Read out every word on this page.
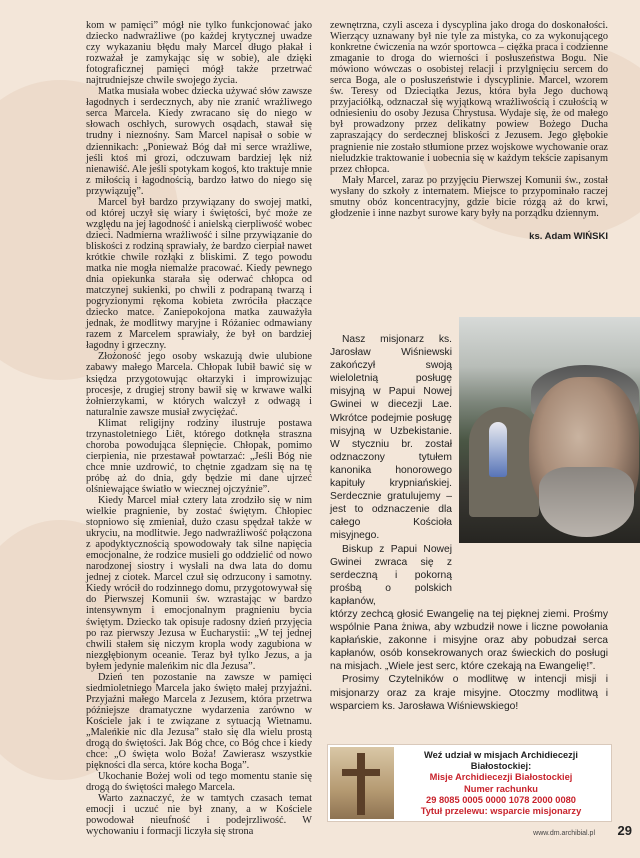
kom w pamięci” mógł nie tylko funkcjonować jako dziecko nadwrażliwe (po każdej krytycznej uwadze czy wykazaniu błędu mały Marcel długo płakał i rozważał je zamykając się w sobie), ale dzięki fotograficznej pamięci mógł także przetrwać najtrudniejsze chwile swojego życia.

Matka musiała wobec dziecka używać słów zawsze łagodnych i serdecznych, aby nie zranić wrażliwego serca Marcela. Kiedy zwracano się do niego w słowach oschłych, surowych osądach, stawał się trudny i nieznośny. Sam Marcel napisał o sobie w dziennikach: „Ponieważ Bóg dał mi serce wrażliwe, jeśli ktoś mi grozi, odczuwam bardziej lęk niż nienawiść. Ale jeśli spotykam kogoś, kto traktuje mnie z miłością i łagodnością, bardzo łatwo do niego się przywiązuję”.

Marcel był bardzo przywiązany do swojej matki, od której uczył się wiary i świętości, być może ze względu na jej łagodność i anielską cierpliwość wobec dzieci. Nadmierna wrażliwość i silne przywiązanie do bliskości z rodziną sprawiały, że bardzo cierpiał nawet krótkie chwile rozłąki z bliskimi. Z tego powodu matka nie mogła niemalże pracować. Kiedy pewnego dnia opiekunka starała się oderwać chłopca od matczynej sukienki, po chwili z podrapaną twarzą i pogryzionymi rękoma kobieta zwróciła płaczące dziecko matce. Zaniepokojona matka zauważyła jednak, że modlitwy maryjne i Różaniec odmawiany razem z Marcelem sprawiały, że był on bardziej łagodny i grzeczny.

Złożoność jego osoby wskazują dwie ulubione zabawy małego Marcela. Chłopak lubił bawić się w księdza przygotowując ołtarzyki i improwizując procesje, z drugiej strony bawił się w krwawe walki żołnierzykami, w których walczył z odwagą i naturalnie zawsze musiał zwyciężać.

Klimat religijny rodziny ilustruje postawa trzynastoletniego Liêt, którego dotknęła straszna choroba powodująca ślepnięcie. Chłopak, pomimo cierpienia, nie przestawał powtarzać: „Jeśli Bóg nie chce mnie uzdrowić, to chętnie zgadzam się na tę próbę aż do dnia, gdy będzie mi dane ujrzeć olśniewające światło w wiecznej ojczyźnie”.

Kiedy Marcel miał cztery lata zrodziło się w nim wielkie pragnienie, by zostać świętym. Chłopiec stopniowo się zmieniał, dużo czasu spędzał także w ukryciu, na modlitwie. Jego nadwrażliwość połączona z apodyktycznością spowodowały tak silne napięcia emocjonalne, że rodzice musieli go oddzielić od nowo narodzonej siostry i wysłali na dwa lata do domu jednej z ciotek. Marcel czuł się odrzucony i samotny. Kiedy wrócił do rodzinnego domu, przygotowywał się do Pierwszej Komunii św. wzrastając w bardzo intensywnym i emocjonalnym pragnieniu bycia świętym. Dziecko tak opisuje radosny dzień przyjęcia po raz pierwszy Jezusa w Eucharystii: „W tej jednej chwili stałem się niczym kropla wody zagubiona w niezgłębionym oceanie. Teraz był tylko Jezus, a ja byłem jedynie maleńkim nic dla Jezusa”.

Dzień ten pozostanie na zawsze w pamięci siedmioletniego Marcela jako święto małej przyjaźni. Przyjaźni małego Marcela z Jezusem, która przetrwa późniejsze dramatyczne wydarzenia zarówno w Kościele jak i te związane z sytuacją Wietnamu. „Maleńkie nic dla Jezusa” stało się dla wielu prostą drogą do świętości. Jak Bóg chce, co Bóg chce i kiedy chce: „O święta wolo Boża! Zawierasz wszystkie piękności dla serca, które kocha Boga”.

Ukochanie Bożej woli od tego momentu stanie się drogą do świętości małego Marcela.

Warto zaznaczyć, że w tamtych czasach temat emocji i uczuć nie był znany, a w Kościele powodował nieufność i podejrzliwość. W wychowaniu i formacji liczyła się strona

zewnętrzna, czyli asceza i dyscyplina jako droga do doskonałości. Wierzący uznawany był nie tyle za mistyka, co za wykonującego konkretne ćwiczenia na wzór sportowca – ciężka praca i codzienne zmaganie to droga do wierności i posłuszeństwa Bogu. Nie mówiono wówczas o osobistej relacji i przylgnięciu sercem do serca Boga, ale o posłuszeństwie i dyscyplinie. Marcel, wzorem św. Teresy od Dzieciątka Jezus, która była Jego duchową przyjaciółką, odznaczał się wyjątkową wrażliwością i czułością w odniesieniu do osoby Jezusa Chrystusa. Wydaje się, że od małego był prowadzony przez delikatny powiew Bożego Ducha zapraszający do serdecznej bliskości z Jezusem. Jego głębokie pragnienie nie zostało stłumione przez wojskowe wychowanie oraz nieludzkie traktowanie i uobecnia się w każdym tekście zapisanym przez chłopca.

Mały Marcel, zaraz po przyjęciu Pierwszej Komunii św., został wysłany do szkoły z internatem. Miejsce to przypominało raczej smutny obóz koncentracyjny, gdzie bicie rózgą aż do krwi, głodzenie i inne nazbyt surowe kary były na porządku dziennym.

ks. Adam WIŃSKI

Nasz misjonarz ks. Jarosław Wiśniewski zakończył swoją wieloletnią posługę misyjną w Papui Nowej Gwinei w diecezji Lae. Wkrótce podejmie posługę misyjną w Uzbekistanie. W styczniu br. został odznaczony tytułem kanonika honorowego kapituły krypniańskiej. Serdecznie gratulujemy – jest to odznaczenie dla całego Kościoła misyjnego.

Biskup z Papui Nowej Gwinei zwraca się z serdeczną i pokorną prośbą o polskich kapłanów,

którzy zechcą głosić Ewangelię na tej pięknej ziemi. Prośmy wspólnie Pana żniwa, aby wzbudził nowe i liczne powołania kapłańskie, zakonne i misyjne oraz aby pobudzał serca kapłanów, osób konsekrowanych oraz świeckich do posługi na misjach. „Wiele jest serc, które czekają na Ewangelię!”.

Prosimy Czytelników o modlitwę w intencji misji i misjonarzy oraz za kraje misyjne. Otoczmy modlitwą i wsparciem ks. Jarosława Wiśniewskiego!

Weź udział w misjach Archidiecezji Białostockiej:
Misje Archidiecezji Białostockiej
Numer rachunku
29 8085 0005 0000 1078 2000 0080
Tytuł przelewu: wsparcie misjonarzy
www.dm.archibial.pl	29
